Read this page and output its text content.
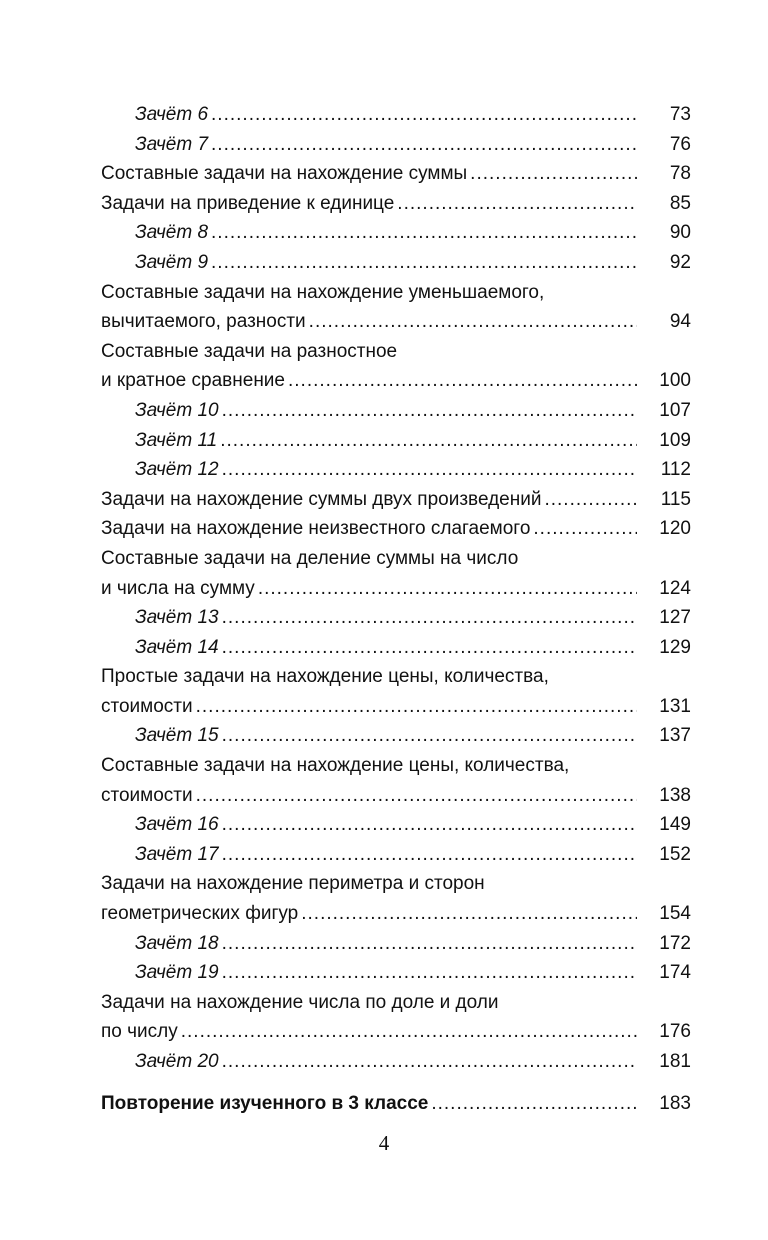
Зачёт 6 .....	73
Зачёт 7 .....	76
Составные задачи на нахождение суммы .....	78
Задачи на приведение к единице .....	85
Зачёт 8 .....	90
Зачёт 9 .....	92
Составные задачи на нахождение уменьшаемого,
вычитаемого, разности .....	94
Составные задачи на разностное
и кратное сравнение .....	100
Зачёт 10 .....	107
Зачёт 11 .....	109
Зачёт 12 .....	112
Задачи на нахождение суммы двух произведений .....	115
Задачи на нахождение неизвестного слагаемого .....	120
Составные задачи на деление суммы на число
и числа на сумму .....	124
Зачёт 13 .....	127
Зачёт 14 .....	129
Простые задачи на нахождение цены, количества,
стоимости .....	131
Зачёт 15 .....	137
Составные задачи на нахождение цены, количества,
стоимости .....	138
Зачёт 16 .....	149
Зачёт 17 .....	152
Задачи на нахождение периметра и сторон
геометрических фигур .....	154
Зачёт 18 .....	172
Зачёт 19 .....	174
Задачи на нахождение числа по доле и доли
по числу .....	176
Зачёт 20 .....	181
Повторение изученного в 3 классе .....	183
4
